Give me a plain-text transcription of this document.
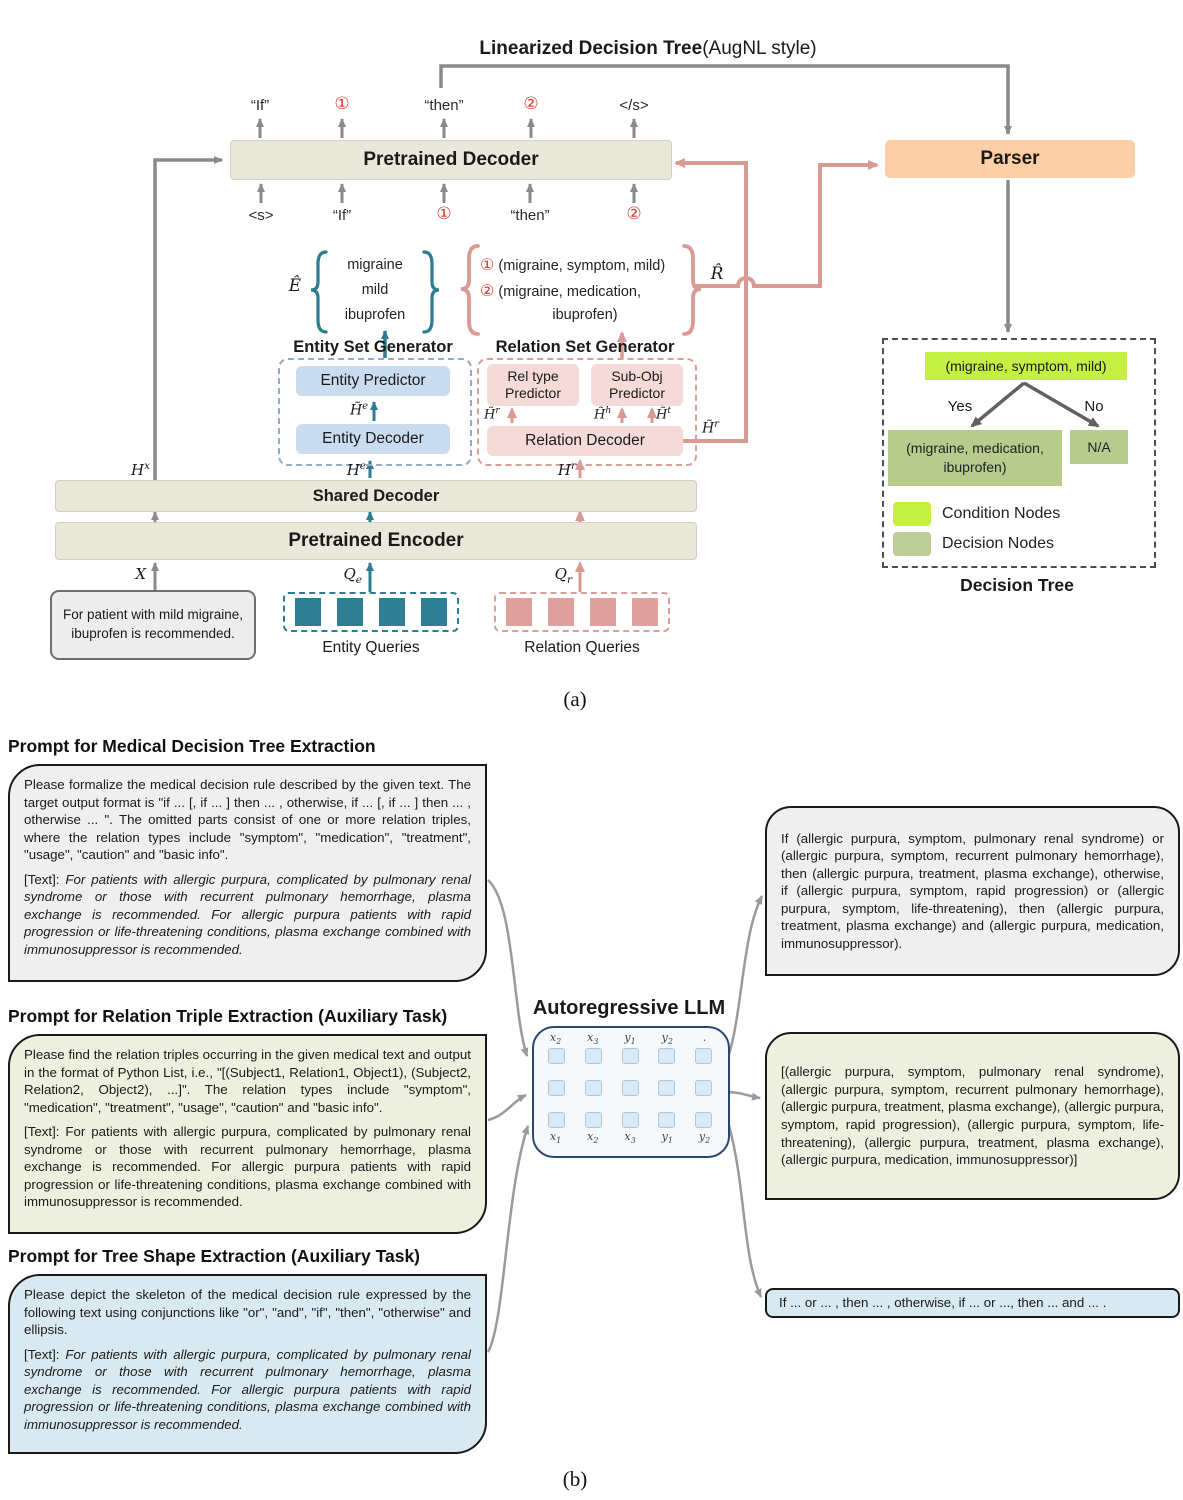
Linearized Decision Tree (AugNL style)
Pretrained Decoder	Parser
“If”	①	“then”	②	</s>
<s>	“If”	①	“then”	②
Ê
migraine
mild
ibuprofen
① (migraine, symptom, mild)
② (migraine, medication,
ibuprofen)
R̂
Entity Set Generator	Relation Set Generator
Entity Predictor
H̃$^e$
Entity Decoder
Rel type
Predictor
Sub-Obj
Predictor
H̃$^r$	H̃$^h$	H̃$^t$
Relation Decoder
H̃$^r$
$H^x$	$H^e$	$H^r$
Shared Decoder
Pretrained Encoder
X	$Q_e$	$Q_r$
For patient with mild migraine, ibuprofen is recommended.
Entity Queries	Relation Queries
(migraine, symptom, mild)
Yes	No
(migraine, medication,
ibuprofen)
N/A
Condition Nodes
Decision Nodes
Decision Tree
(a)
Prompt for Medical Decision Tree Extraction

Please formalize the medical decision rule described by the given text. The target output format is "if ... [, if ... ] then ... , otherwise, if ... [, if ... ] then ... , otherwise ... ". The omitted parts consist of one or more relation triples, where the relation types include "symptom", "medication", "treatment", "usage", "caution" and "basic info".

[Text]: For patients with allergic purpura, complicated by pulmonary renal syndrome or those with recurrent pulmonary hemorrhage, plasma exchange is recommended. For allergic purpura patients with rapid progression or life-threatening conditions, plasma exchange combined with immunosuppressor is recommended.

Prompt for Relation Triple Extraction (Auxiliary Task)

Please find the relation triples occurring in the given medical text and output in the format of Python List, i.e., "[(Subject1, Relation1, Object1), (Subject2, Relation2, Object2), ...]". The relation types include "symptom", "medication", "treatment", "usage", "caution" and "basic info".

[Text]: For patients with allergic purpura, complicated by pulmonary renal syndrome or those with recurrent pulmonary hemorrhage, plasma exchange is recommended. For allergic purpura patients with rapid progression or life-threatening conditions, plasma exchange combined with immunosuppressor is recommended.

Prompt for Tree Shape Extraction (Auxiliary Task)

Please depict the skeleton of the medical decision rule expressed by the following text using conjunctions like "or", "and", "if", "then", "otherwise" and ellipsis.

[Text]: For patients with allergic purpura, complicated by pulmonary renal syndrome or those with recurrent pulmonary hemorrhage, plasma exchange is recommended. For allergic purpura patients with rapid progression or life-threatening conditions, plasma exchange combined with immunosuppressor is recommended.

Autoregressive LLM
$x_2$ $x_3$ $y_1$ $y_2$	.
$x_1$ $x_2$ $x_3$ $y_1$ $y_2$

If (allergic purpura, symptom, pulmonary renal syndrome) or (allergic purpura, symptom, recurrent pulmonary hemorrhage), then (allergic purpura, treatment, plasma exchange), otherwise, if (allergic purpura, symptom, rapid progression) or (allergic purpura, symptom, life-threatening), then (allergic purpura, treatment, plasma exchange) and (allergic purpura, medication, immunosuppressor).

[(allergic purpura, symptom, pulmonary renal syndrome), (allergic purpura, symptom, recurrent pulmonary hemorrhage), (allergic purpura, treatment, plasma exchange), (allergic purpura, symptom, rapid progression), (allergic purpura, symptom, life-threatening), (allergic purpura, treatment, plasma exchange), (allergic purpura, medication, immunosuppressor)]

If ... or ... , then ... , otherwise, if ... or ..., then ... and ... .

(b)
